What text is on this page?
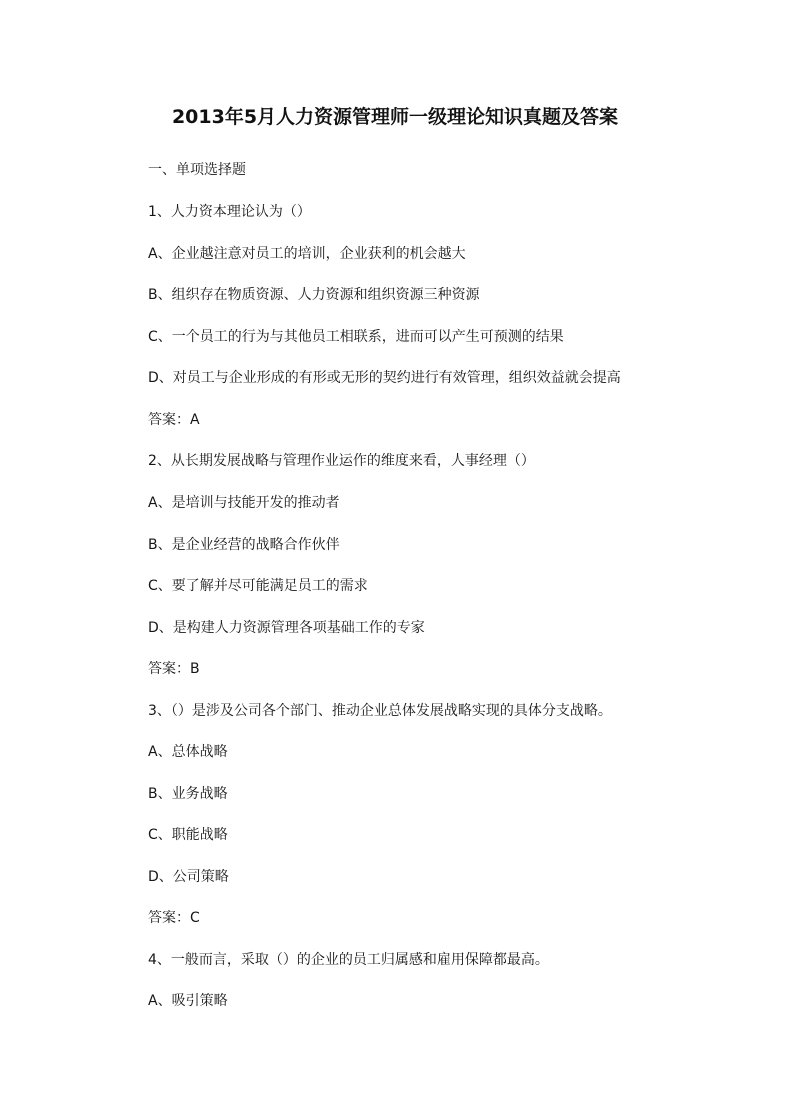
2013年5月人力资源管理师一级理论知识真题及答案
一、单项选择题
1、人力资本理论认为（）
A、企业越注意对员工的培训，企业获利的机会越大
B、组织存在物质资源、人力资源和组织资源三种资源
C、一个员工的行为与其他员工相联系，进而可以产生可预测的结果
D、对员工与企业形成的有形或无形的契约进行有效管理，组织效益就会提高
答案：A
2、从长期发展战略与管理作业运作的维度来看，人事经理（）
A、是培训与技能开发的推动者
B、是企业经营的战略合作伙伴
C、要了解并尽可能满足员工的需求
D、是构建人力资源管理各项基础工作的专家
答案：B
3、（）是涉及公司各个部门、推动企业总体发展战略实现的具体分支战略。
A、总体战略
B、业务战略
C、职能战略
D、公司策略
答案：C
4、一般而言，采取（）的企业的员工归属感和雇用保障都最高。
A、吸引策略
